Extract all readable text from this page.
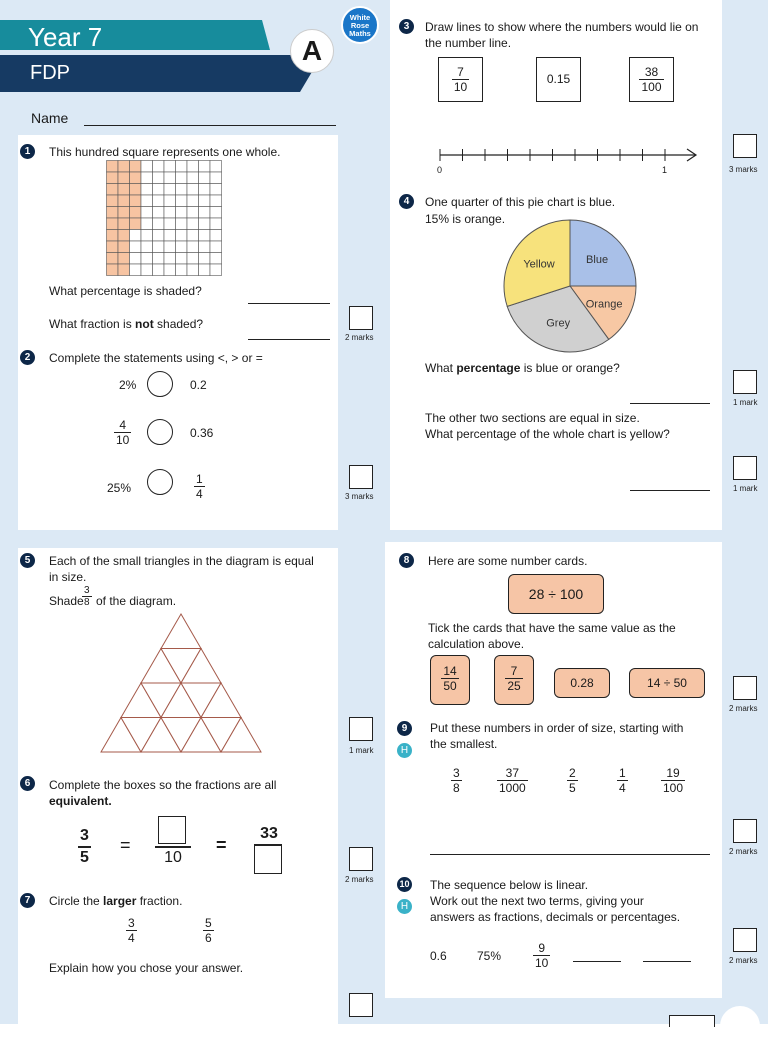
Year 7
FDP
A
White
Rose
Maths
Name
1	This hundred square represents one whole.
What percentage is shaded?
What fraction is not shaded?
2 marks
2	Complete the statements using <, > or =
2%	0.2
$\frac{4}{10}$	0.36
25%	$\frac{1}{4}$	3 marks
3	Draw lines to show where the numbers would lie on the number line.
$\frac{7}{10}$	0.15	$\frac{38}{100}$
0	1	3 marks
4	One quarter of this pie chart is blue.
15% is orange.
Blue
Orange
Grey
Yellow
What percentage is blue or orange?
1 mark
The other two sections are equal in size.
What percentage of the whole chart is yellow?
1 mark
5	Each of the small triangles in the diagram is equal
in size.
Shade
$\frac{3}{8}$ of the diagram.
1 mark
6	Complete the boxes so the fractions are all
equivalent.
$\frac{3}{5}$ =
10
=
33
2 marks
7	Circle the larger fraction.
$\frac{3}{4}$	$\frac{5}{6}$
Explain how you chose your answer.
8	Here are some number cards.
28 ÷ 100
Tick the cards that have the same value as the
calculation above.
$\frac{14}{50}$	$\frac{7}{25}$	0.28	14 ÷ 50
2 marks
9
H
Put these numbers in order of size, starting with
the smallest.
$\frac{3}{8}$	$\frac{37}{1000}$	$\frac{2}{5}$	$\frac{1}{4}$	$\frac{19}{100}$
2 marks
10
H
The sequence below is linear.
Work out the next two terms, giving your
answers as fractions, decimals or percentages.
0.6	75%	$\frac{9}{10}$	2 marks
